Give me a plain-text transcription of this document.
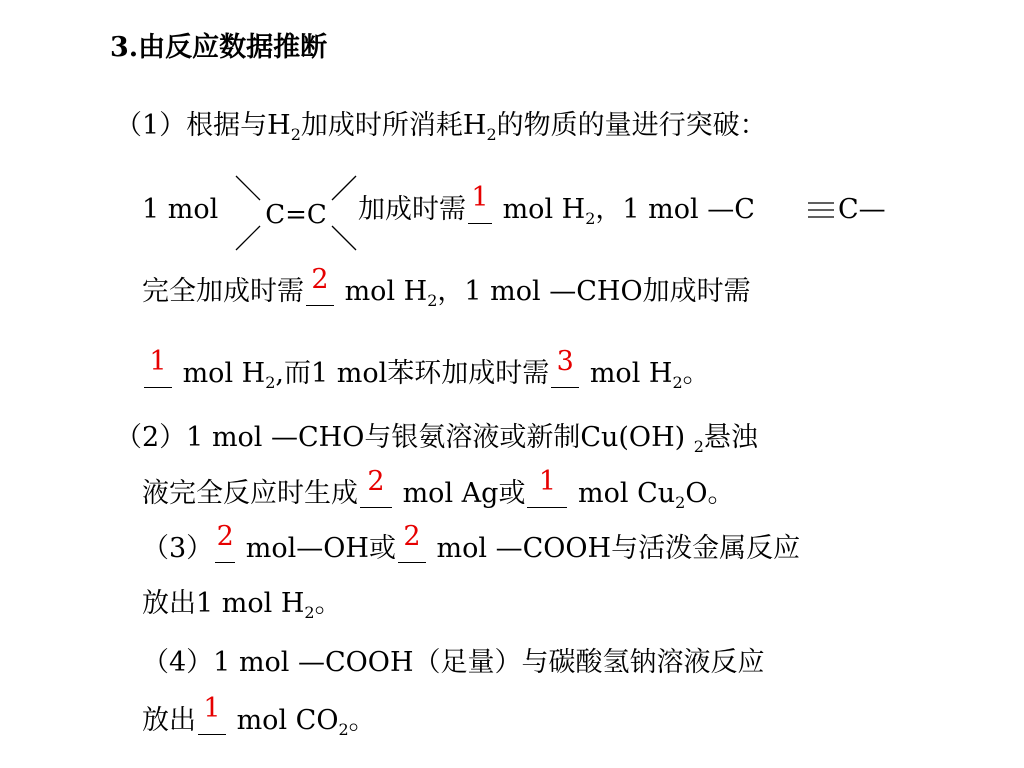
3.由反应数据推断
（1）根据与$H_2$加成时所消耗$H_2$的物质的量进行突破：
1 mol C=C 加成时需 1 mol $H_2$，1 mol —C	C—
完全加成时需 2 mol $H_2$，1 mol —CHO加成时需
1 mol $H_2$,而1 mol苯环加成时需 3 mol $H_2$。
（2）1 mol —CHO与银氨溶液或新制Cu(OH) $_2$悬浊
液完全反应时生成 2 mol Ag或 1 mol $Cu_2O$。
（3） 2 mol—OH或 2 mol —COOH与活泼金属反应
放出1 mol $H_2$。
（4）1 mol —COOH（足量）与碳酸氢钠溶液反应
放出 1 mol $CO_2$。
